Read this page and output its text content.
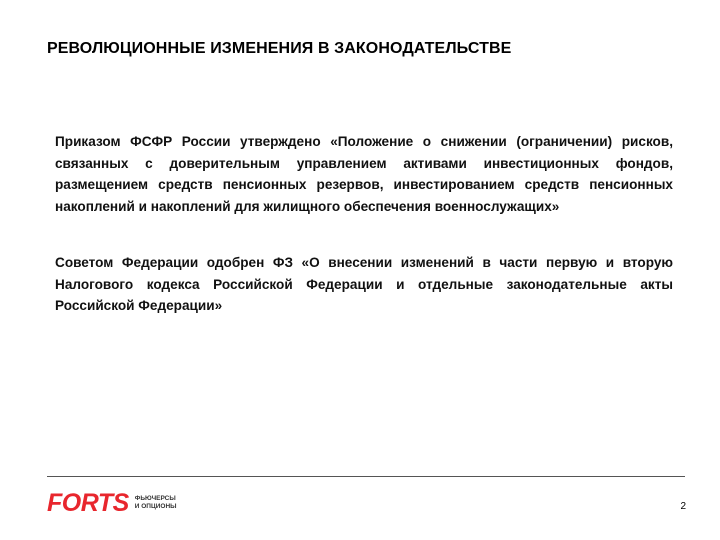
РЕВОЛЮЦИОННЫЕ ИЗМЕНЕНИЯ В ЗАКОНОДАТЕЛЬСТВЕ
Приказом ФСФР России утверждено «Положение о снижении (ограничении) рисков, связанных с доверительным управлением активами инвестиционных фондов, размещением средств пенсионных резервов, инвестированием средств пенсионных накоплений и накоплений для жилищного обеспечения военнослужащих»
Советом Федерации одобрен ФЗ «О внесении изменений в части первую и вторую Налогового кодекса Российской Федерации и отдельные законодательные акты Российской Федерации»
FORTS ФЬЮЧЕРСЫ
И ОПЦИОНЫ	2
